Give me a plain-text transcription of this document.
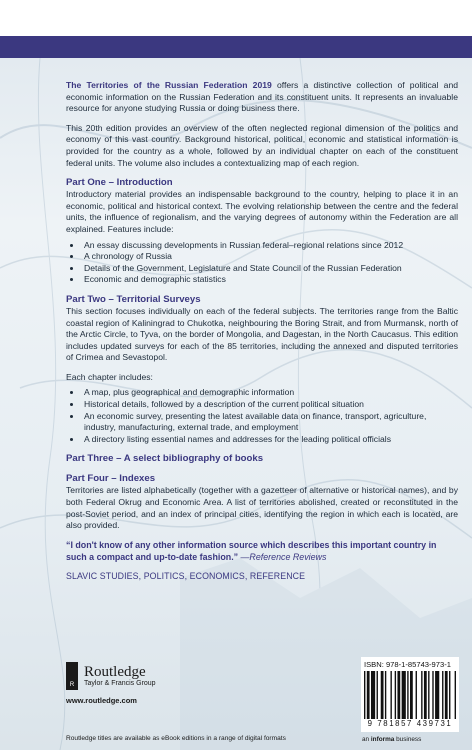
The Territories of the Russian Federation 2019 offers a distinctive collection of political and economic information on the Russian Federation and its constituent units. It represents an invaluable resource for anyone studying Russia or doing business there.

This 20th edition provides an overview of the often neglected regional dimension of the politics and economy of this vast country. Background historical, political, economic and statistical information is provided for the country as a whole, followed by an individual chapter on each of the constituent federal units. The volume also includes a contextualizing map of each region.

Part One – Introduction

Introductory material provides an indispensable background to the country, helping to place it in an economic, political and historical context. The evolving relationship between the centre and the federal units, the influence of regionalism, and the varying degrees of autonomy within the Federation are all explained. Features include:

• An essay discussing developments in Russian federal–regional relations since 2012
• A chronology of Russia
• Details of the Government, Legislature and State Council of the Russian Federation
• Economic and demographic statistics
Part Two – Territorial Surveys

This section focuses individually on each of the federal subjects. The territories range from the Baltic coastal region of Kaliningrad to Chukotka, neighbouring the Boring Strait, and from Murmansk, north of the Arctic Circle, to Tyva, on the border of Mongolia, and Dagestan, in the North Caucasus. This edition includes updated surveys for each of the 85 territories, including the annexed and disputed territories of Crimea and Sevastopol.

Each chapter includes:

• A map, plus geographical and demographic information
• Historical details, followed by a description of the current political situation
• An economic survey, presenting the latest available data on finance, transport, agriculture, industry, manufacturing, external trade, and employment
• A directory listing essential names and addresses for the leading political officials
Part Three – A select bibliography of books
Part Four – Indexes

Territories are listed alphabetically (together with a gazetteer of alternative or historical names), and by both Federal Okrug and Economic Area. A list of territories abolished, created or reconstituted in the post-Soviet period, and an index of principal cities, identifying the region in which each is located, are also provided.

“I don't know of any other information source which describes this important country in such a compact and up-to-date fashion.” —Reference Reviews

SLAVIC STUDIES, POLITICS, ECONOMICS, REFERENCE

R
Routledge
Taylor & Francis Group
www.routledge.com
Routledge titles are available as eBook editions in a range of digital formats
ISBN: 978-1-85743-973-1
9 781857 439731
an informa business
